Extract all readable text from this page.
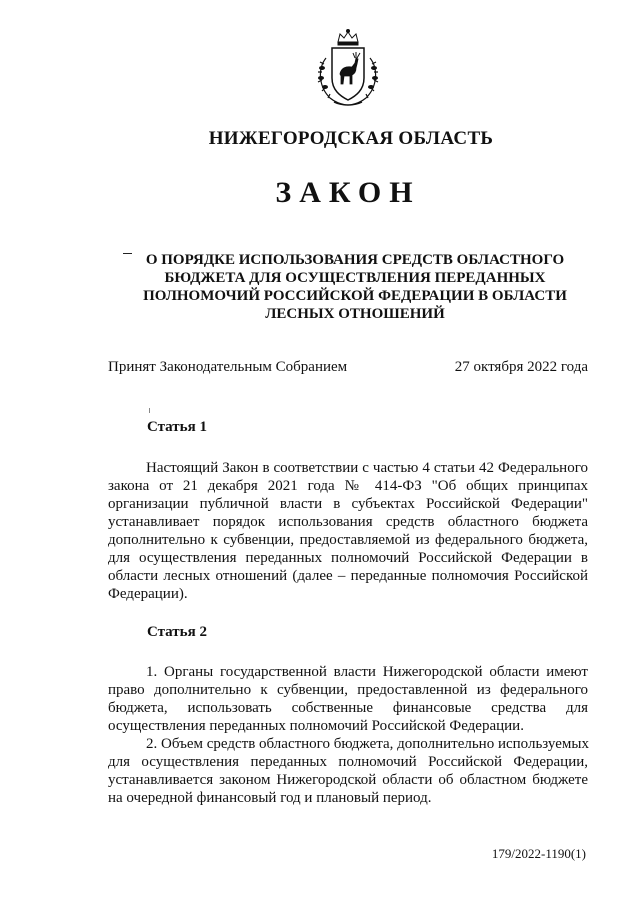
НИЖЕГОРОДСКАЯ ОБЛАСТЬ
ЗАКОН
О ПОРЯДКЕ ИСПОЛЬЗОВАНИЯ СРЕДСТВ ОБЛАСТНОГО
БЮДЖЕТА ДЛЯ ОСУЩЕСТВЛЕНИЯ ПЕРЕДАННЫХ
ПОЛНОМОЧИЙ РОССИЙСКОЙ ФЕДЕРАЦИИ В ОБЛАСТИ
ЛЕСНЫХ ОТНОШЕНИЙ
Принят Законодательным Собранием	27 октября 2022 года
Статья 1
Настоящий Закон в соответствии с частью 4 статьи 42 Федерального
закона от 21 декабря 2021 года № 414-ФЗ "Об общих принципах
организации публичной власти в субъектах Российской Федерации"
устанавливает порядок использования средств областного бюджета
дополнительно к субвенции, предоставляемой из федерального бюджета,
для осуществления переданных полномочий Российской Федерации в
области лесных отношений (далее – переданные полномочия Российской
Федерации).
Статья 2
1. Органы государственной власти Нижегородской области имеют
право дополнительно к субвенции, предоставленной из федерального
бюджета, использовать собственные финансовые средства для
осуществления переданных полномочий Российской Федерации.
2. Объем средств областного бюджета, дополнительно используемых
для осуществления переданных полномочий Российской Федерации,
устанавливается законом Нижегородской области об областном бюджете
на очередной финансовый год и плановый период.
179/2022-1190(1)
